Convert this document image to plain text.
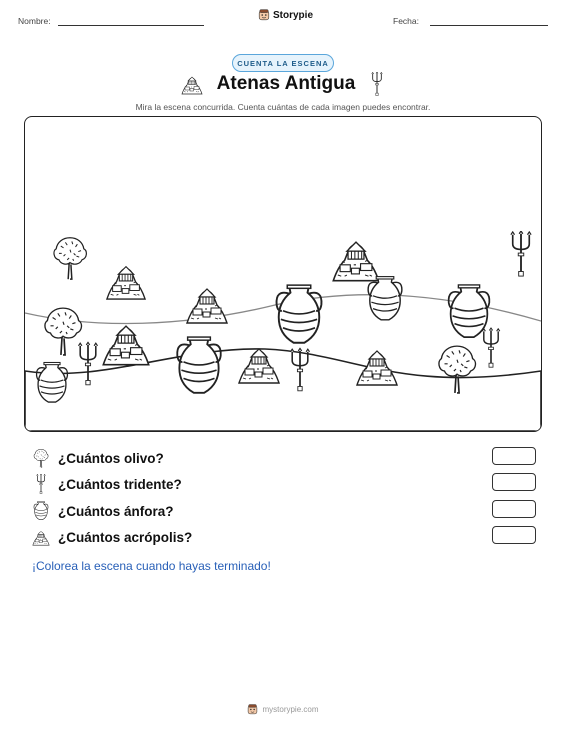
Nombre:
Storypie
Fecha:
CUENTA LA ESCENA
Atenas Antigua
Mira la escena concurrida. Cuenta cuántas de cada imagen puedes encontrar.
¿Cuántos olivo?
¿Cuántos tridente?
¿Cuántos ánfora?
¿Cuántos acrópolis?
¡Colorea la escena cuando hayas terminado!
mystorypie.com
